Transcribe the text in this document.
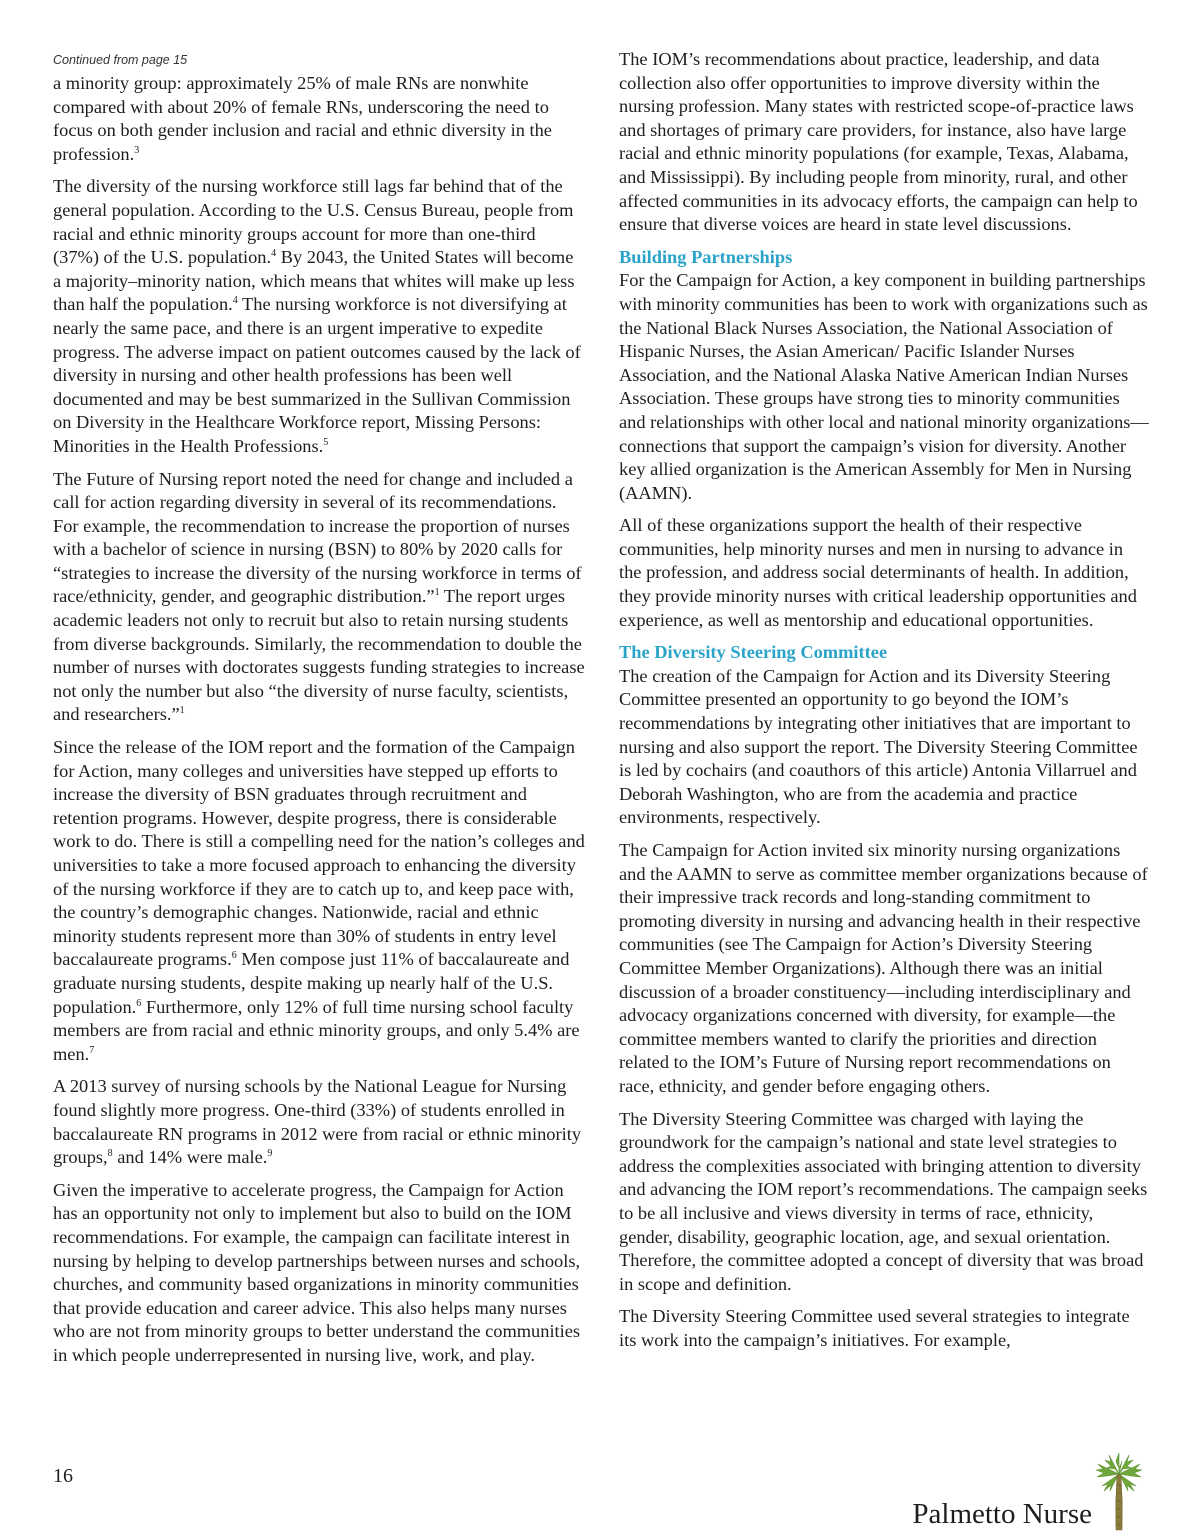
Continued from page 15

a minority group: approximately 25% of male RNs are nonwhite compared with about 20% of female RNs, underscoring the need to focus on both gender inclusion and racial and ethnic diversity in the profession.$^3$

The diversity of the nursing workforce still lags far behind that of the general population. According to the U.S. Census Bureau, people from racial and ethnic minority groups account for more than one-third (37%) of the U.S. population.$^4$ By 2043, the United States will become a majority–minority nation, which means that whites will make up less than half the population.$^4$ The nursing workforce is not diversifying at nearly the same pace, and there is an urgent imperative to expedite progress. The adverse impact on patient outcomes caused by the lack of diversity in nursing and other health professions has been well documented and may be best summarized in the Sullivan Commission on Diversity in the Healthcare Workforce report, Missing Persons: Minorities in the Health Professions.$^5$

The Future of Nursing report noted the need for change and included a call for action regarding diversity in several of its recommendations. For example, the recommendation to increase the proportion of nurses with a bachelor of science in nursing (BSN) to 80% by 2020 calls for “strategies to increase the diversity of the nursing workforce in terms of race/ethnicity, gender, and geographic distribution.”$^1$ The report urges academic leaders not only to recruit but also to retain nursing students from diverse backgrounds. Similarly, the recommendation to double the number of nurses with doctorates suggests funding strategies to increase not only the number but also “the diversity of nurse faculty, scientists, and researchers.”$^1$

Since the release of the IOM report and the formation of the Campaign for Action, many colleges and universities have stepped up efforts to increase the diversity of BSN graduates through recruitment and retention programs. However, despite progress, there is considerable work to do. There is still a compelling need for the nation’s colleges and universities to take a more focused approach to enhancing the diversity of the nursing workforce if they are to catch up to, and keep pace with, the country’s demographic changes. Nationwide, racial and ethnic minority students represent more than 30% of students in entry level baccalaureate programs.$^6$ Men compose just 11% of baccalaureate and graduate nursing students, despite making up nearly half of the U.S. population.$^6$ Furthermore, only 12% of full time nursing school faculty members are from racial and ethnic minority groups, and only 5.4% are men.$^7$

A 2013 survey of nursing schools by the National League for Nursing found slightly more progress. One-third (33%) of students enrolled in baccalaureate RN programs in 2012 were from racial or ethnic minority groups,$^8$ and 14% were male.$^9$

Given the imperative to accelerate progress, the Campaign for Action has an opportunity not only to implement but also to build on the IOM recommendations. For example, the campaign can facilitate interest in nursing by helping to develop partnerships between nurses and schools, churches, and community based organizations in minority communities that provide education and career advice. This also helps many nurses who are not from minority groups to better understand the communities in which people underrepresented in nursing live, work, and play.

The IOM’s recommendations about practice, leadership, and data collection also offer opportunities to improve diversity within the nursing profession. Many states with restricted scope-of-practice laws and shortages of primary care providers, for instance, also have large racial and ethnic minority populations (for example, Texas, Alabama, and Mississippi). By including people from minority, rural, and other affected communities in its advocacy efforts, the campaign can help to ensure that diverse voices are heard in state level discussions.

Building Partnerships

For the Campaign for Action, a key component in building partnerships with minority communities has been to work with organizations such as the National Black Nurses Association, the National Association of Hispanic Nurses, the Asian American/ Pacific Islander Nurses Association, and the National Alaska Native American Indian Nurses Association. These groups have strong ties to minority communities and relationships with other local and national minority organizations—connections that support the campaign’s vision for diversity. Another key allied organization is the American Assembly for Men in Nursing (AAMN).

All of these organizations support the health of their respective communities, help minority nurses and men in nursing to advance in the profession, and address social determinants of health. In addition, they provide minority nurses with critical leadership opportunities and experience, as well as mentorship and educational opportunities.

The Diversity Steering Committee

The creation of the Campaign for Action and its Diversity Steering Committee presented an opportunity to go beyond the IOM’s recommendations by integrating other initiatives that are important to nursing and also support the report. The Diversity Steering Committee is led by cochairs (and coauthors of this article) Antonia Villarruel and Deborah Washington, who are from the academia and practice environments, respectively.

The Campaign for Action invited six minority nursing organizations and the AAMN to serve as committee member organizations because of their impressive track records and long-standing commitment to promoting diversity in nursing and advancing health in their respective communities (see The Campaign for Action’s Diversity Steering Committee Member Organizations). Although there was an initial discussion of a broader constituency—including interdisciplinary and advocacy organizations concerned with diversity, for example—the committee members wanted to clarify the priorities and direction related to the IOM’s Future of Nursing report recommendations on race, ethnicity, and gender before engaging others.

The Diversity Steering Committee was charged with laying the groundwork for the campaign’s national and state level strategies to address the complexities associated with bringing attention to diversity and advancing the IOM report’s recommendations. The campaign seeks to be all inclusive and views diversity in terms of race, ethnicity, gender, disability, geographic location, age, and sexual orientation. Therefore, the committee adopted a concept of diversity that was broad in scope and definition.

The Diversity Steering Committee used several strategies to integrate its work into the campaign’s initiatives. For example,

16
Palmetto Nurse
